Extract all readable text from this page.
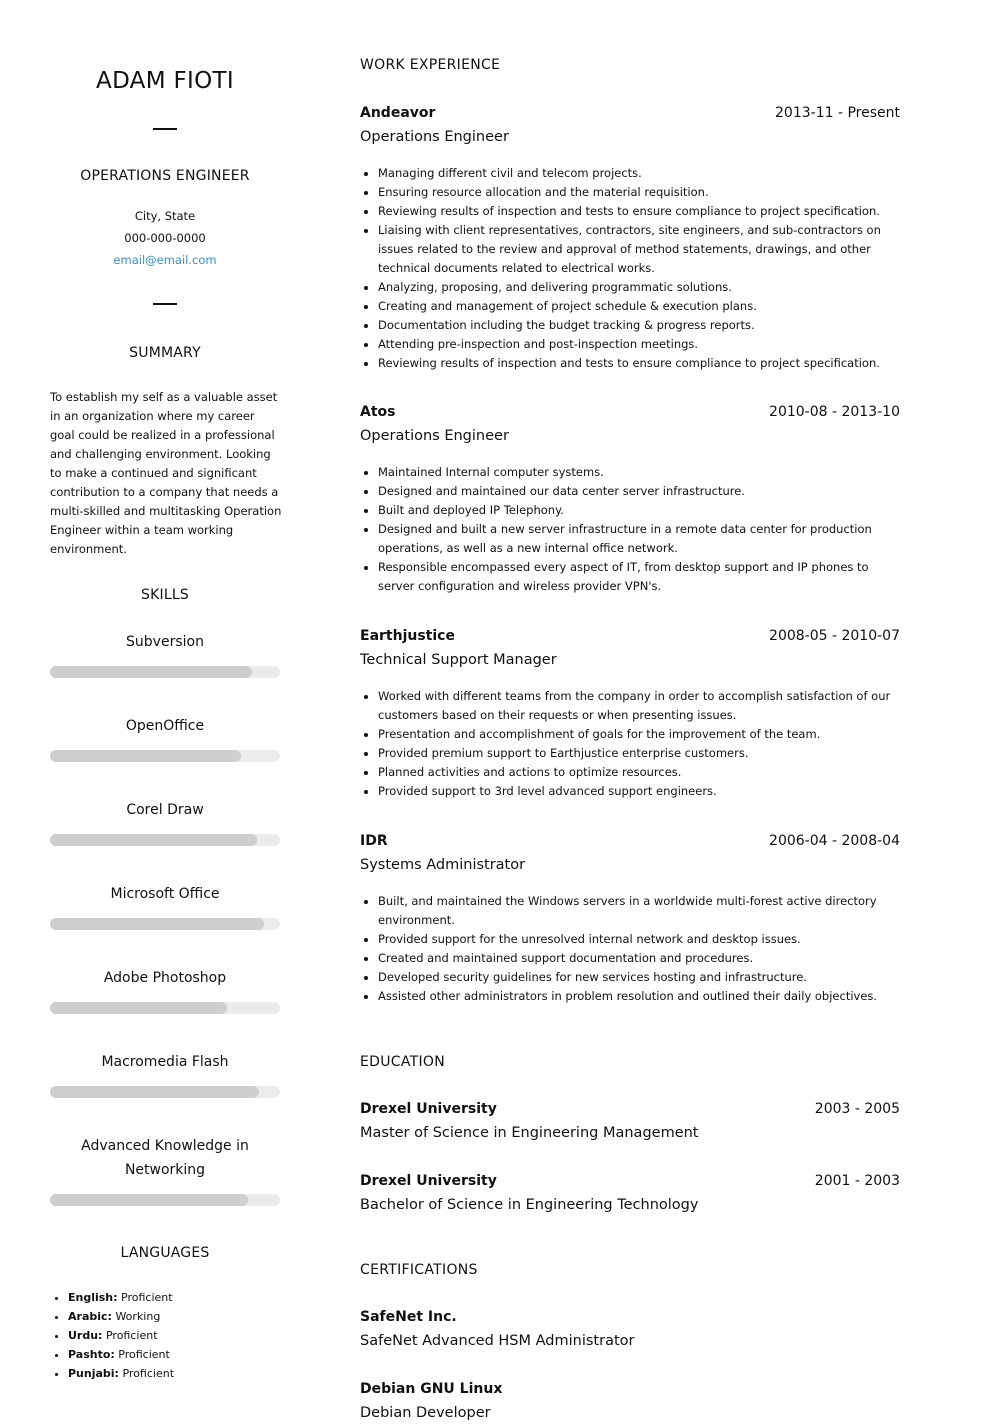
ADAM FIOTI
OPERATIONS ENGINEER
City, State
000-000-0000
email@email.com
SUMMARY

To establish my self as a valuable asset in an organization where my career goal could be realized in a professional and challenging environment. Looking to make a continued and significant contribution to a company that needs a multi-skilled and multitasking Operation Engineer within a team working environment.

SKILLS
Subversion
OpenOffice
Corel Draw
Microsoft Office
Adobe Photoshop
Macromedia Flash
Advanced Knowledge in Networking
LANGUAGES
• English: Proficient
• Arabic: Working
• Urdu: Proficient
• Pashto: Proficient
• Punjabi: Proficient
WORK EXPERIENCE
Andeavor	2013-11 - Present
Operations Engineer
• Managing different civil and telecom projects.
• Ensuring resource allocation and the material requisition.
• Reviewing results of inspection and tests to ensure compliance to project specification.
• Liaising with client representatives, contractors, site engineers, and sub-contractors on issues related to the review and approval of method statements, drawings, and other technical documents related to electrical works.
• Analyzing, proposing, and delivering programmatic solutions.
• Creating and management of project schedule & execution plans.
• Documentation including the budget tracking & progress reports.
• Attending pre-inspection and post-inspection meetings.
• Reviewing results of inspection and tests to ensure compliance to project specification.
Atos	2010-08 - 2013-10
Operations Engineer
• Maintained Internal computer systems.
• Designed and maintained our data center server infrastructure.
• Built and deployed IP Telephony.
• Designed and built a new server infrastructure in a remote data center for production operations, as well as a new internal office network.
• Responsible encompassed every aspect of IT, from desktop support and IP phones to server configuration and wireless provider VPN's.
Earthjustice	2008-05 - 2010-07
Technical Support Manager
• Worked with different teams from the company in order to accomplish satisfaction of our customers based on their requests or when presenting issues.
• Presentation and accomplishment of goals for the improvement of the team.
• Provided premium support to Earthjustice enterprise customers.
• Planned activities and actions to optimize resources.
• Provided support to 3rd level advanced support engineers.
IDR	2006-04 - 2008-04
Systems Administrator
• Built, and maintained the Windows servers in a worldwide multi-forest active directory environment.
• Provided support for the unresolved internal network and desktop issues.
• Created and maintained support documentation and procedures.
• Developed security guidelines for new services hosting and infrastructure.
• Assisted other administrators in problem resolution and outlined their daily objectives.
EDUCATION
Drexel University	2003 - 2005
Master of Science in Engineering Management
Drexel University	2001 - 2003
Bachelor of Science in Engineering Technology
CERTIFICATIONS
SafeNet Inc.
SafeNet Advanced HSM Administrator
Debian GNU Linux
Debian Developer
